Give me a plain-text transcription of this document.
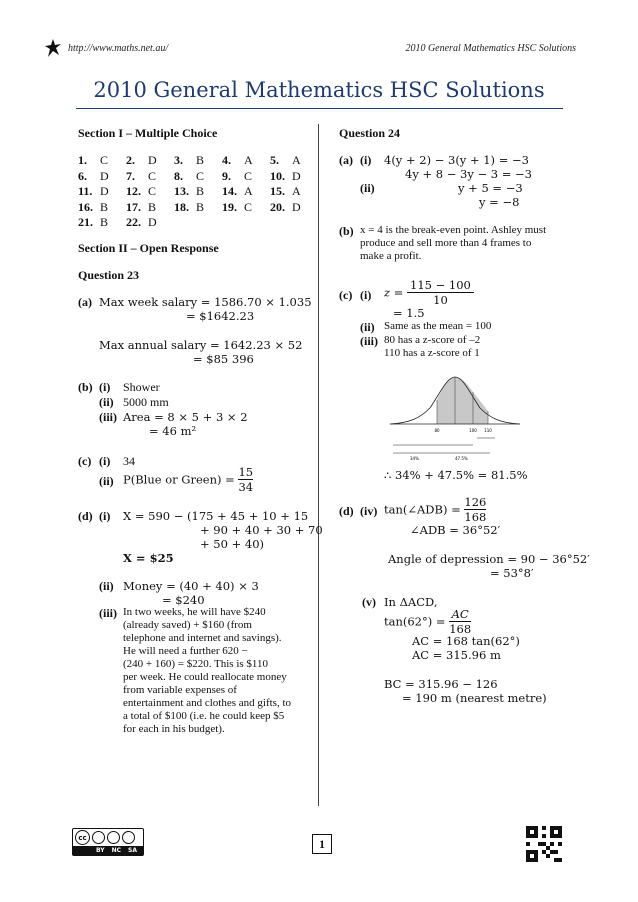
http://www.maths.net.au/	2010 General Mathematics HSC Solutions
2010 General Mathematics HSC Solutions
Section I – Multiple Choice
1. C 2. D 3. B 4. A 5. A
6. D 7. C 8. C 9. C 10. D
11. D 12. C 13. B 14. A 15. A
16. B 17. B 18. B 19. C 20. D
21. B 22. D
Section II – Open Response
Question 23
(a) Max week salary = 1586.70 × 1.035
= $1642.23
Max annual salary = 1642.23 × 52
= $85 396
(b) (i) Shower
(ii) 5000 mm
(iii) Area = 8 × 5 + 3 × 2
= 46 m²
(c) (i) 34
(ii) P(Blue or Green) = $\frac{15}{34}$
(d) (i) X = 590 − (175 + 45 + 10 + 15
+ 90 + 40 + 30 + 70
+ 50 + 40)
X = $25
(ii) Money = (40 + 40) × 3
= $240
(iii) In two weeks, he will have $240
(already saved) + $160 (from
telephone and internet and savings).
He will need a further 620 −
(240 + 160) = $220. This is $110
per week. He could reallocate money
from variable expenses of
entertainment and clothes and gifts, to
a total of $100 (i.e. he could keep $5
for each in his budget).
Question 24
(a) (i) 4(y + 2) − 3(y + 1) = −3
4y + 8 − 3y − 3 = −3
(ii)	y + 5 = −3
y = −8
(b) x = 4 is the break-even point. Ashley must
produce and sell more than 4 frames to
make a profit.
(c) (i) $z = \frac{115 - 100}{10}$
= 1.5
(ii) Same as the mean = 100
(iii) 80 has a z-score of –2
110 has a z-score of 1
80	100 110
34%	47.5%
∴ 34% + 47.5% = 81.5%
(d) (iv) tan(∠ADB) = $\frac{126}{168}$
∠ADB = 36°52′
Angle of depression = 90 − 36°52′
= 53°8′
(v) In ΔACD,
$\tan(62^\circ) = \frac{AC}{168}$
AC = 168 tan(62°)
AC = 315.96 m
BC = 315.96 − 126
= 190 m (nearest metre)
cc
BY NC SA	1
